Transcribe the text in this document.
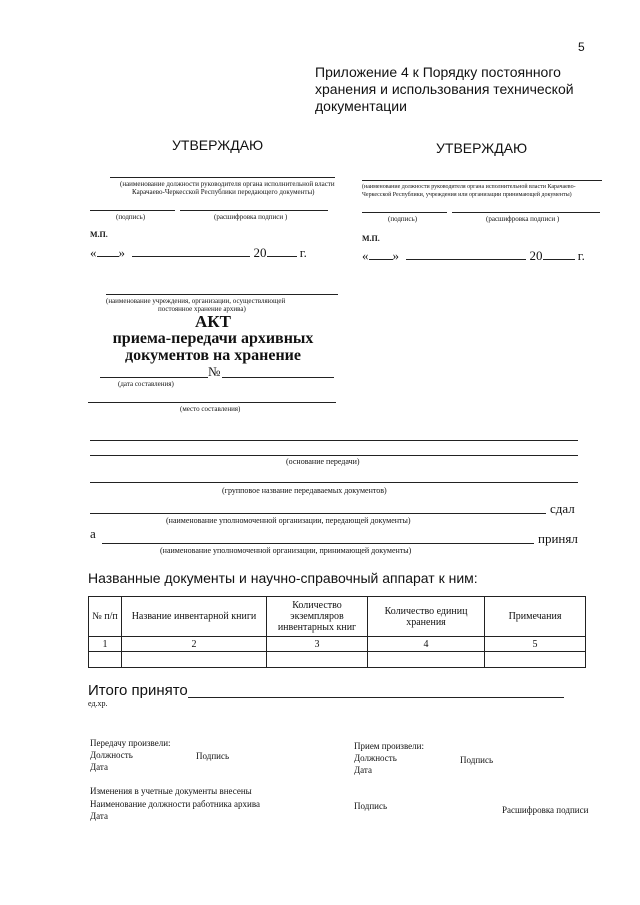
5
Приложение 4 к Порядку постоянного
хранения и использования технической
документации
УТВЕРЖДАЮ
(наименование должности руководителя органа исполнительной власти
Карачаево-Черкесской Республики передающего документы)
(подпись)	(расшифровка подписи )
М.П.
« »	20	г.
УТВЕРЖДАЮ
(наименование должности руководителя органа исполнительной власти Карачаево-
Черкесской Республики, учреждения или организации принимающей документы)
(подпись)	(расшифровка подписи )
М.П.
« »	20	г.
(наименование учреждения, организации, осуществляющей
постоянное хранение архива)
АКТ
приема-передачи архивных
документов на хранение
№
(дата составления)
(место составления)
(основание передачи)
(групповое название передаваемых документов)
сдал
(наименование уполномоченной организации, передающей документы)
а	принял
(наименование уполномоченной организации, принимающей документы)
Названные документы и научно-справочный аппарат к ним:
№ п/п	Название инвентарной книги	Количество экземпляров инвентарных книг	Количество единиц хранения	Примечания
1	2	3	4	5

Итого принято
ед.хр.
Передачу произвели:
Должность	Подпись
Дата
Прием произвели:
Должность	Подпись
Дата
Изменения в учетные документы внесены
Наименование должности работника архива
Дата
Подпись	Расшифровка подписи
